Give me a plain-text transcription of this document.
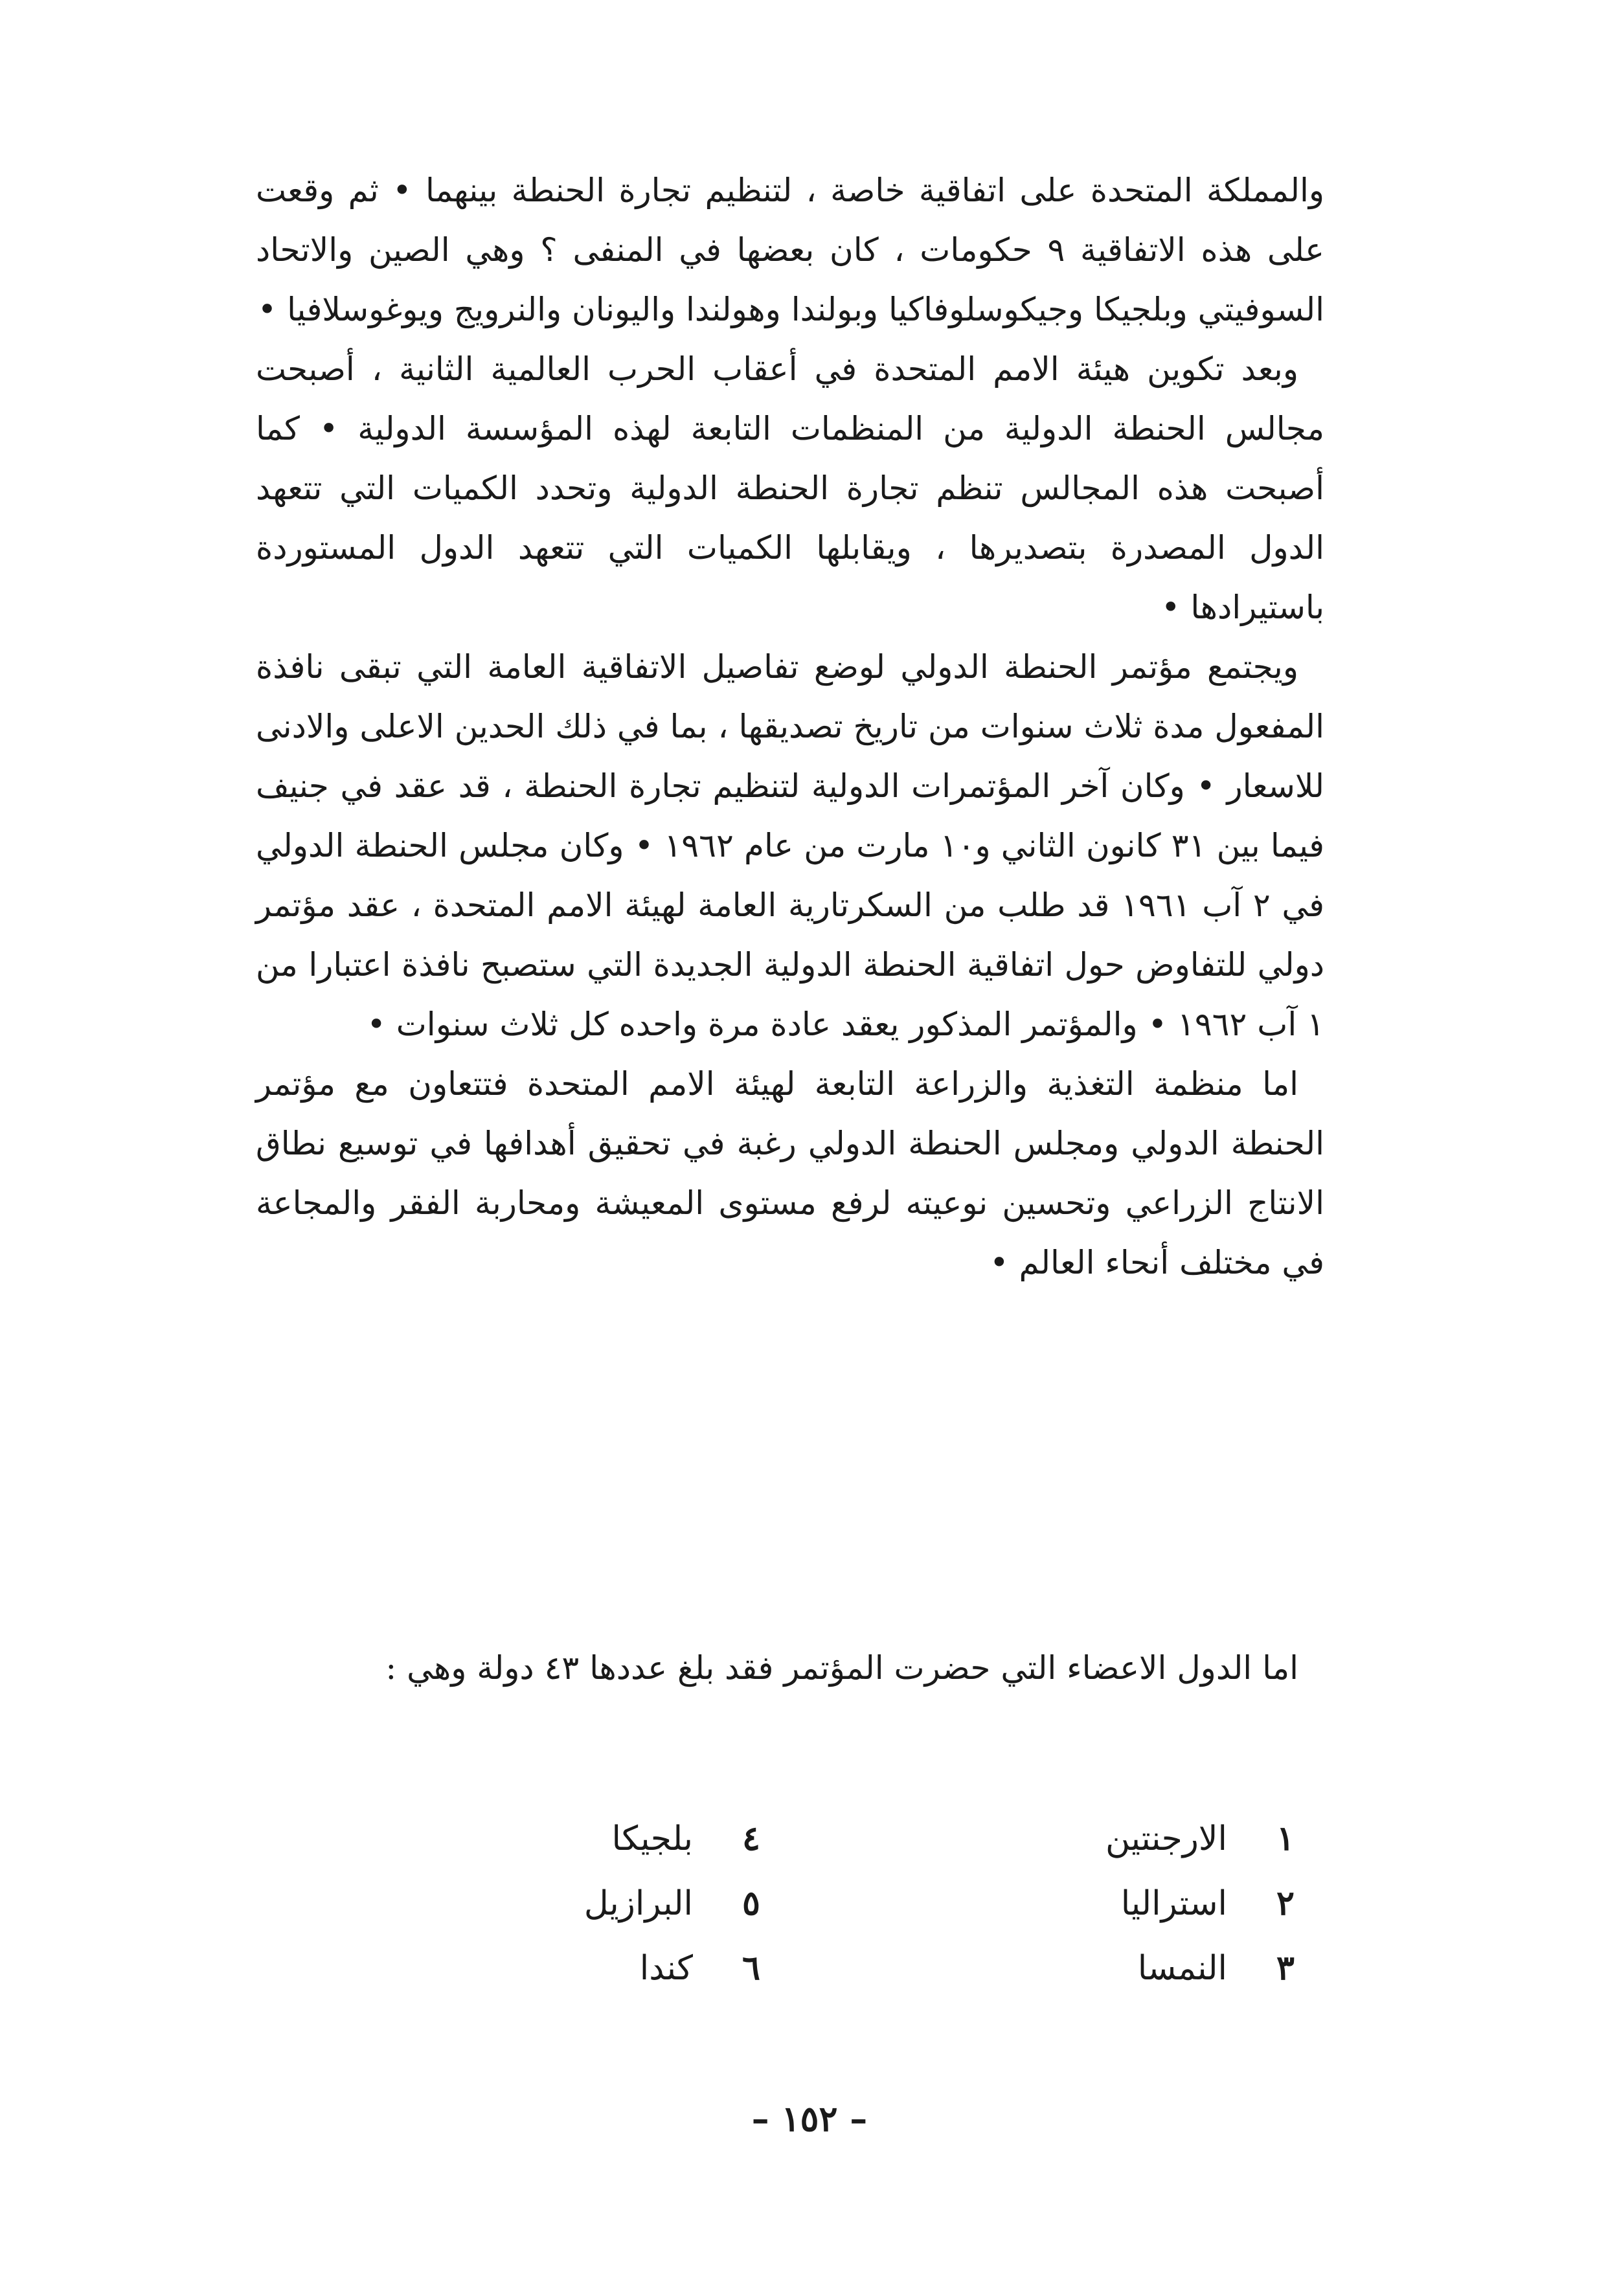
والمملكة المتحدة على اتفاقية خاصة ، لتنظيم تجارة الحنطة بينهما • ثم وقعت على هذه الاتفاقية ٩ حكومات ، كان بعضها في المنفى ؟ وهي الصين والاتحاد السوفيتي وبلجيكا وجيكوسلوفاكيا وبولندا وهولندا واليونان والنرويج ويوغوسلافيا •

وبعد تكوين هيئة الامم المتحدة في أعقاب الحرب العالمية الثانية ، أصبحت مجالس الحنطة الدولية من المنظمات التابعة لهذه المؤسسة الدولية • كما أصبحت هذه المجالس تنظم تجارة الحنطة الدولية وتحدد الكميات التي تتعهد الدول المصدرة بتصديرها ، ويقابلها الكميات التي تتعهد الدول المستوردة باستيرادها •

ويجتمع مؤتمر الحنطة الدولي لوضع تفاصيل الاتفاقية العامة التي تبقى نافذة المفعول مدة ثلاث سنوات من تاريخ تصديقها ، بما في ذلك الحدين الاعلى والادنى للاسعار • وكان آخر المؤتمرات الدولية لتنظيم تجارة الحنطة ، قد عقد في جنيف فيما بين ٣١ كانون الثاني و١٠ مارت من عام ١٩٦٢ • وكان مجلس الحنطة الدولي في ٢ آب ١٩٦١ قد طلب من السكرتارية العامة لهيئة الامم المتحدة ، عقد مؤتمر دولي للتفاوض حول اتفاقية الحنطة الدولية الجديدة التي ستصبح نافذة اعتبارا من ١ آب ١٩٦٢ • والمؤتمر المذكور يعقد عادة مرة واحده كل ثلاث سنوات •

اما منظمة التغذية والزراعة التابعة لهيئة الامم المتحدة فتتعاون مع مؤتمر الحنطة الدولي ومجلس الحنطة الدولي رغبة في تحقيق أهدافها في توسيع نطاق الانتاج الزراعي وتحسين نوعيته لرفع مستوى المعيشة ومحاربة الفقر والمجاعة في مختلف أنحاء العالم •

اما الدول الاعضاء التي حضرت المؤتمر فقد بلغ عددها ٤٣ دولة وهي :

١
الارجنتين
٤
بلجيكا
٢
استراليا
٥
البرازيل
٣
النمسا
٦
كندا
– ١٥٢ –
